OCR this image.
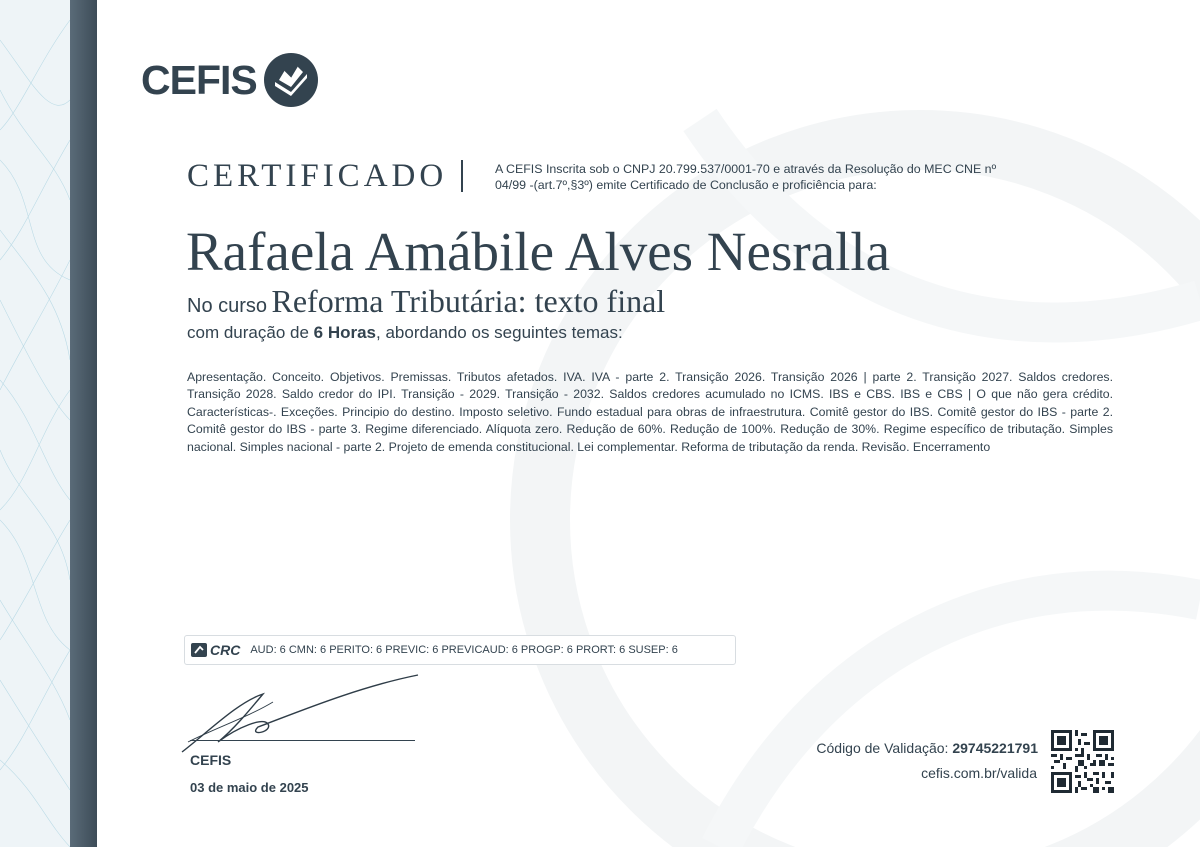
CEFIS
CERTIFICADO	A CEFIS Inscrita sob o CNPJ 20.799.537/0001-70 e através da Resolução do MEC CNE nº 04/99 -(art.7º,§3º) emite Certificado de Conclusão e proficiência para:
Rafaela Amábile Alves Nesralla
No curso Reforma Tributária: texto final
com duração de 6 Horas, abordando os seguintes temas:
Apresentação. Conceito. Objetivos. Premissas. Tributos afetados. IVA. IVA - parte 2. Transição 2026. Transição 2026 | parte 2. Transição 2027. Saldos credores. Transição 2028. Saldo credor do IPI. Transição - 2029. Transição - 2032. Saldos credores acumulado no ICMS. IBS e CBS. IBS e CBS | O que não gera crédito. Características-. Exceções. Principio do destino. Imposto seletivo. Fundo estadual para obras de infraestrutura. Comitê gestor do IBS. Comitê gestor do IBS - parte 2. Comitê gestor do IBS - parte 3. Regime diferenciado. Alíquota zero. Redução de 60%. Redução de 100%. Redução de 30%. Regime específico de tributação. Simples nacional. Simples nacional - parte 2. Projeto de emenda constitucional. Lei complementar. Reforma de tributação da renda. Revisão. Encerramento
CRC AUD: 6 CMN: 6 PERITO: 6 PREVIC: 6 PREVICAUD: 6 PROGP: 6 PRORT: 6 SUSEP: 6
CEFIS
03 de maio de 2025
Código de Validação: 29745221791
cefis.com.br/valida
